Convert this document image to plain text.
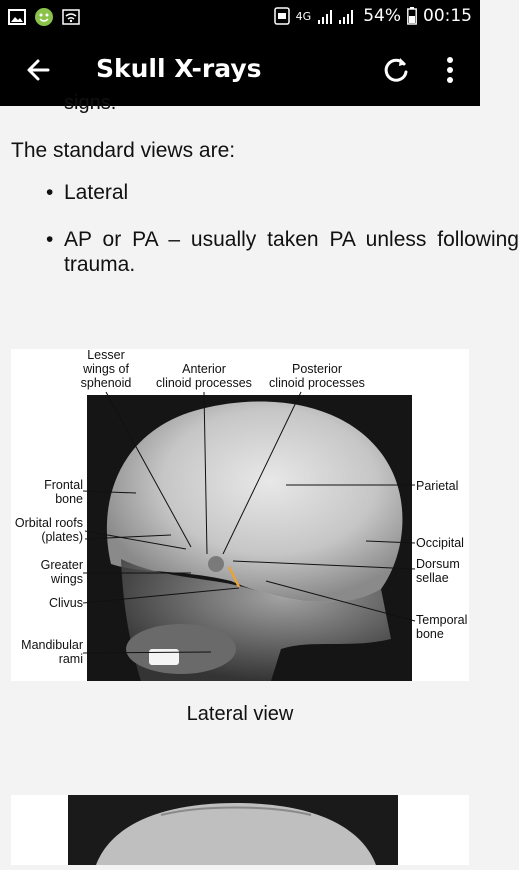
4G	54% 00:15
Skull X-rays
signs.
The standard views are:
• Lateral
• AP or PA – usually taken PA unless following trauma.
Lesser
wings of
sphenoid
Anterior
clinoid processes
Posterior
clinoid processes
Frontal
bone
Orbital roofs
(plates)
Greater
wings
Clivus
Mandibular
rami
Parietal
Occipital
Dorsum
sellae
Temporal
bone
Lateral view
